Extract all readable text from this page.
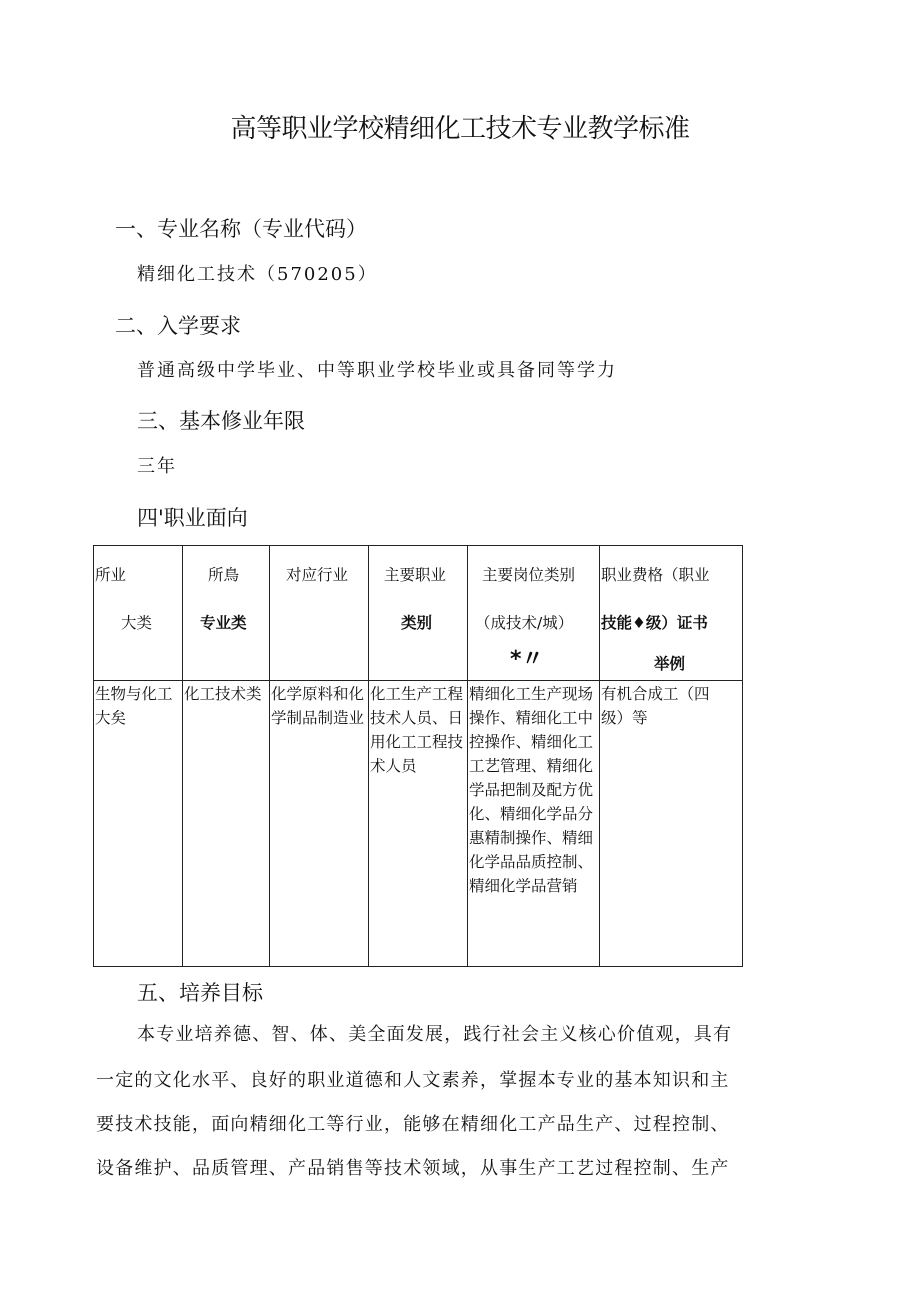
高等职业学校精细化工技术专业教学标准
一、专业名称（专业代码）
精细化工技术（570205）
二、入学要求
普通高级中学毕业、中等职业学校毕业或具备同等学力
三、基本修业年限
三年
四'职业面向
所业
大类
所鳥
专业类
对应行业 主要职业
类别
主要岗位类别
（成技术/城）
*〃
职业费格（职业
技能♦级）证书
举例
生物与化工大矣
化工技术类 化学原料和化学制品制造业
化工生产工程技术人员、日用化工工程技术人员
精细化工生产现场操作、精细化工中控操作、精细化工工艺管理、精细化学品把制及配方优化、精细化学品分惠精制操作、精细化学品品质控制、精细化学品营销
有机合成工（四级）等
五、培养目标
本专业培养德、智、体、美全面发展，践行社会主义核心价值观，具有
一定的文化水平、良好的职业道德和人文素养，掌握本专业的基本知识和主
要技术技能，面向精细化工等行业，能够在精细化工产品生产、过程控制、
设备维护、品质管理、产品销售等技术领域，从事生产工艺过程控制、生产
